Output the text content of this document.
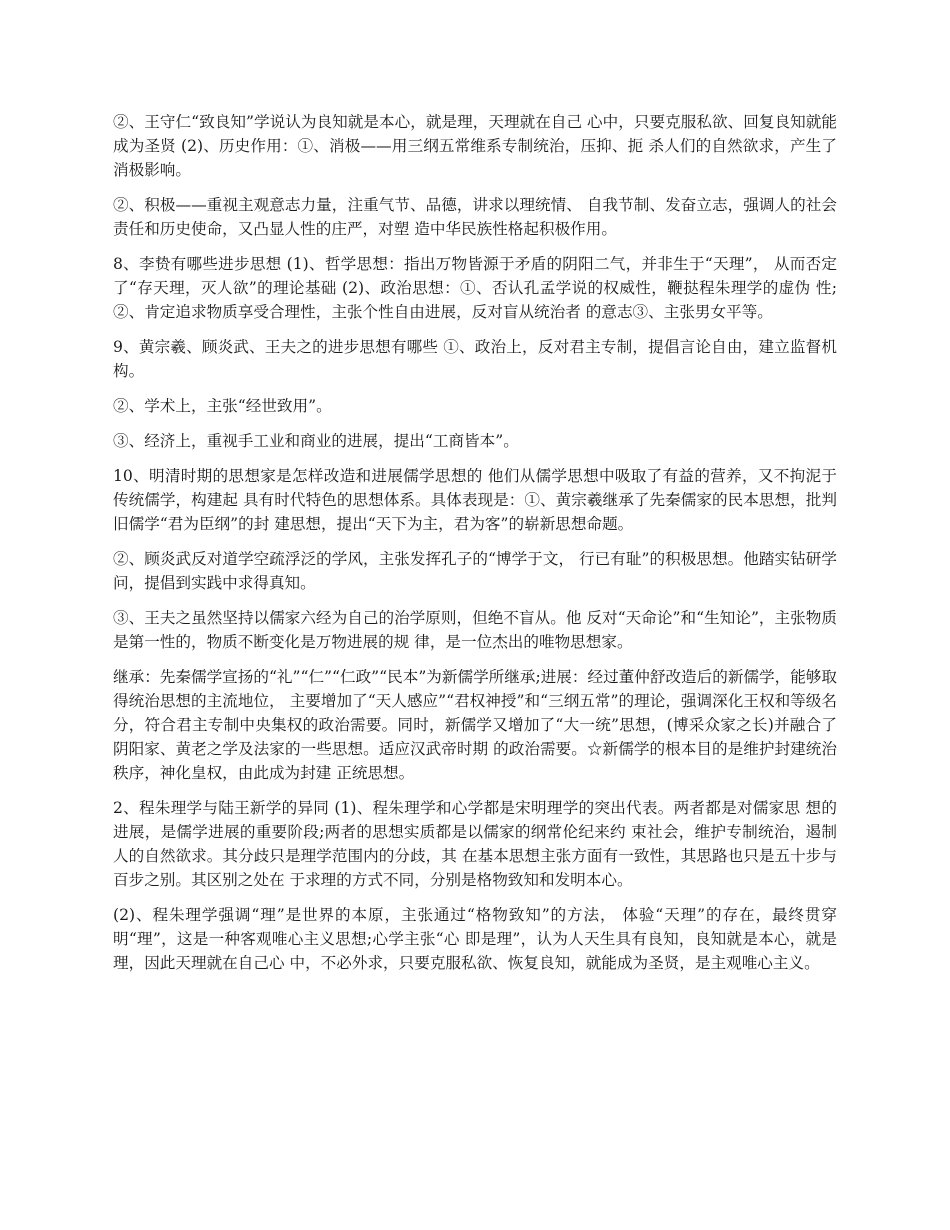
②、王守仁“致良知”学说认为良知就是本心，就是理，天理就在自己 心中，只要克服私欲、回复良知就能成为圣贤 (2)、历史作用：①、消极——用三纲五常维系专制统治，压抑、扼 杀人们的自然欲求，产生了消极影响。

②、积极——重视主观意志力量，注重气节、品德，讲求以理统情、 自我节制、发奋立志，强调人的社会责任和历史使命，又凸显人性的庄严，对塑 造中华民族性格起积极作用。

8、李贽有哪些进步思想 (1)、哲学思想：指出万物皆源于矛盾的阴阳二气，并非生于“天理”， 从而否定了“存天理，灭人欲”的理论基础 (2)、政治思想：①、否认孔孟学说的权威性，鞭挞程朱理学的虚伪 性;②、肯定追求物质享受合理性，主张个性自由进展，反对盲从统治者 的意志③、主张男女平等。

9、黄宗羲、顾炎武、王夫之的进步思想有哪些 ①、政治上，反对君主专制，提倡言论自由，建立监督机构。

②、学术上，主张“经世致用”。

③、经济上，重视手工业和商业的进展，提出“工商皆本”。

10、明清时期的思想家是怎样改造和进展儒学思想的 他们从儒学思想中吸取了有益的营养，又不拘泥于传统儒学，构建起 具有时代特色的思想体系。具体表现是：①、黄宗羲继承了先秦儒家的民本思想，批判旧儒学“君为臣纲”的封 建思想，提出“天下为主，君为客”的崭新思想命题。

②、顾炎武反对道学空疏浮泛的学风，主张发挥孔子的“博学于文， 行已有耻”的积极思想。他踏实钻研学问，提倡到实践中求得真知。

③、王夫之虽然坚持以儒家六经为自己的治学原则，但绝不盲从。他 反对“天命论”和“生知论”，主张物质是第一性的，物质不断变化是万物进展的规 律，是一位杰出的唯物思想家。

继承：先秦儒学宣扬的“礼”“仁”“仁政”“民本”为新儒学所继承;进展：经过董仲舒改造后的新儒学，能够取得统治思想的主流地位， 主要增加了“天人感应”“君权神授”和“三纲五常”的理论，强调深化王权和等级名 分，符合君主专制中央集权的政治需要。同时，新儒学又增加了“大一统”思想，(博采众家之长)并融合了阴阳家、黄老之学及法家的一些思想。适应汉武帝时期 的政治需要。☆新儒学的根本目的是维护封建统治秩序，神化皇权，由此成为封建 正统思想。

2、程朱理学与陆王新学的异同 (1)、程朱理学和心学都是宋明理学的突出代表。两者都是对儒家思 想的进展，是儒学进展的重要阶段;两者的思想实质都是以儒家的纲常伦纪来约 束社会，维护专制统治，遏制人的自然欲求。其分歧只是理学范围内的分歧，其 在基本思想主张方面有一致性，其思路也只是五十步与百步之别。其区别之处在 于求理的方式不同，分别是格物致知和发明本心。

(2)、程朱理学强调“理”是世界的本原，主张通过“格物致知”的方法， 体验“天理”的存在，最终贯穿明“理”，这是一种客观唯心主义思想;心学主张“心 即是理”，认为人天生具有良知，良知就是本心，就是理，因此天理就在自己心 中，不必外求，只要克服私欲、恢复良知，就能成为圣贤，是主观唯心主义。
